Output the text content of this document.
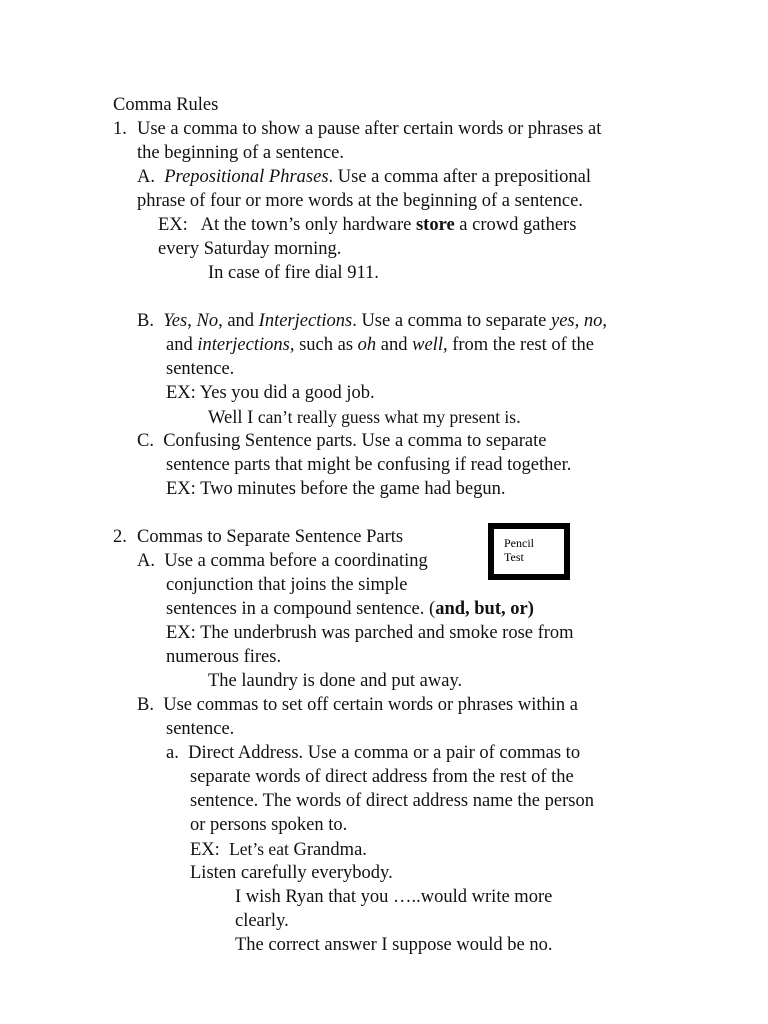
Comma Rules
1. Use a comma to show a pause after certain words or phrases at
the beginning of a sentence.
A. Prepositional Phrases. Use a comma after a prepositional
phrase of four or more words at the beginning of a sentence.
EX: At the town’s only hardware store a crowd gathers
every Saturday morning.
In case of fire dial 911.
B. Yes, No, and Interjections. Use a comma to separate yes, no,
and interjections, such as oh and well, from the rest of the
sentence.
EX: Yes you did a good job.
Well I can’t really guess what my present is.
C. Confusing Sentence parts. Use a comma to separate
sentence parts that might be confusing if read together.
EX: Two minutes before the game had begun.
2. Commas to Separate Sentence Parts	Pencil
Test
A. Use a comma before a coordinating
conjunction that joins the simple
sentences in a compound sentence. (and, but, or)
EX: The underbrush was parched and smoke rose from
numerous fires.
The laundry is done and put away.
B. Use commas to set off certain words or phrases within a
sentence.
a. Direct Address. Use a comma or a pair of commas to
separate words of direct address from the rest of the
sentence. The words of direct address name the person
or persons spoken to.
EX: Let’s eat Grandma.
Listen carefully everybody.
I wish Ryan that you …..would write more
clearly.
The correct answer I suppose would be no.
